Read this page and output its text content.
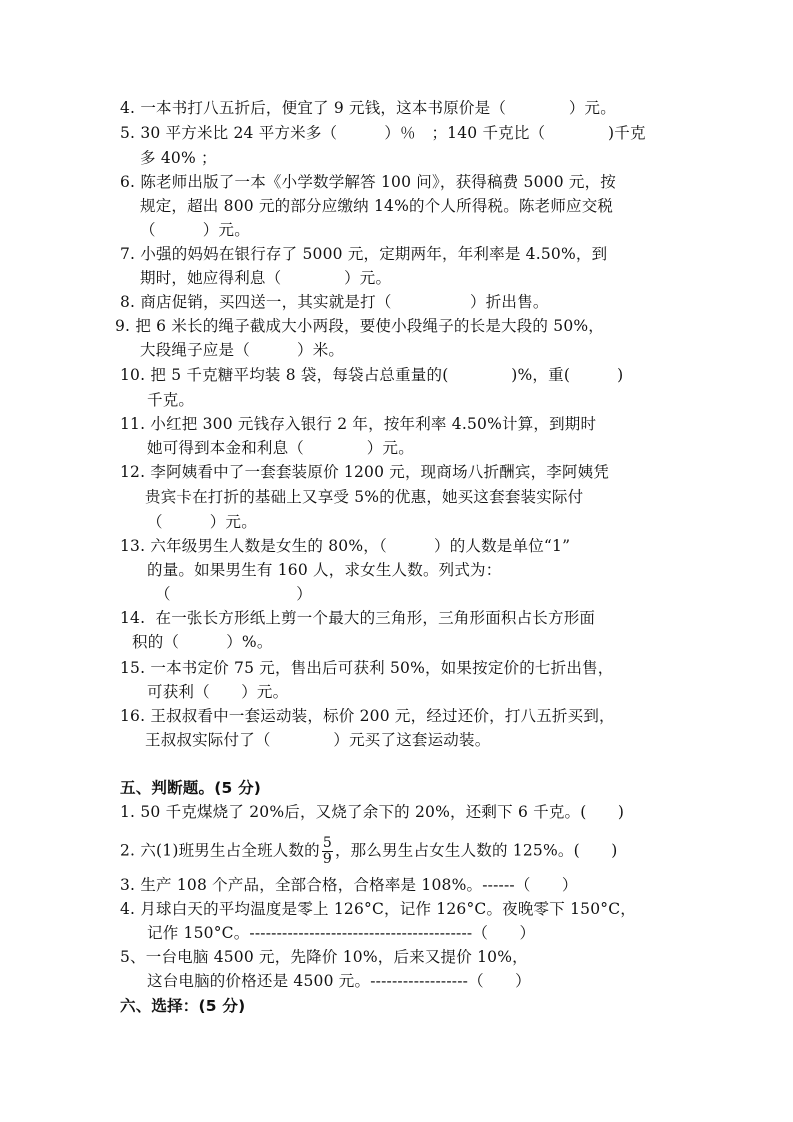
4. 一本书打八五折后，便宜了 9 元钱，这本书原价是（　　　　）元。
5. 30 平方米比 24 平方米多（　　　）％　；140 千克比（　　　　)千克
多 40% ；
6. 陈老师出版了一本《小学数学解答 100 问》，获得稿费 5000 元，按
规定，超出 800 元的部分应缴纳 14%的个人所得税。陈老师应交税
（　　　）元。
7. 小强的妈妈在银行存了 5000 元，定期两年，年利率是 4.50%，到
期时，她应得利息（　　　　）元。
8. 商店促销，买四送一，其实就是打（　　　　　）折出售。
9. 把 6 米长的绳子截成大小两段，要使小段绳子的长是大段的 50%，
大段绳子应是（　　　）米。
10. 把 5 千克糖平均装 8 袋，每袋占总重量的(　　　　)%，重(　　　)
千克。
11. 小红把 300 元钱存入银行 2 年，按年利率 4.50%计算，到期时
她可得到本金和利息（　　　　）元。
12. 李阿姨看中了一套套装原价 1200 元，现商场八折酬宾，李阿姨凭
贵宾卡在打折的基础上又享受 5%的优惠，她买这套套装实际付
（　　　）元。
13. 六年级男生人数是女生的 80%，（　　　）的人数是单位“1”
的量。如果男生有 160 人，求女生人数。列式为：
（　　　　　　　　）
14.  在一张长方形纸上剪一个最大的三角形，三角形面积占长方形面
积的（　　　）%。
15. 一本书定价 75 元，售出后可获利 50%，如果按定价的七折出售，
可获利（　　）元。
16. 王叔叔看中一套运动装，标价 200 元，经过还价，打八五折买到，
王叔叔实际付了（　　　　）元买了这套运动装。
五、判断题。(5 分)
1. 50 千克煤烧了 20%后，又烧了余下的 20%，还剩下 6 千克。(　　)
2. 六(1)班男生占全班人数的 $\frac{5}{9}$ ，那么男生占女生人数的 125%。(　　)
3. 生产 108 个产品，全部合格，合格率是 108%。------（　　）
4. 月球白天的平均温度是零上 126°C，记作 126°C。夜晚零下 150°C，
记作 150°C。-----------------------------------------（　　）
5、一台电脑 4500 元，先降价 10%，后来又提价 10%，
这台电脑的价格还是 4500 元。------------------（　　）
六、选择：(5 分)
